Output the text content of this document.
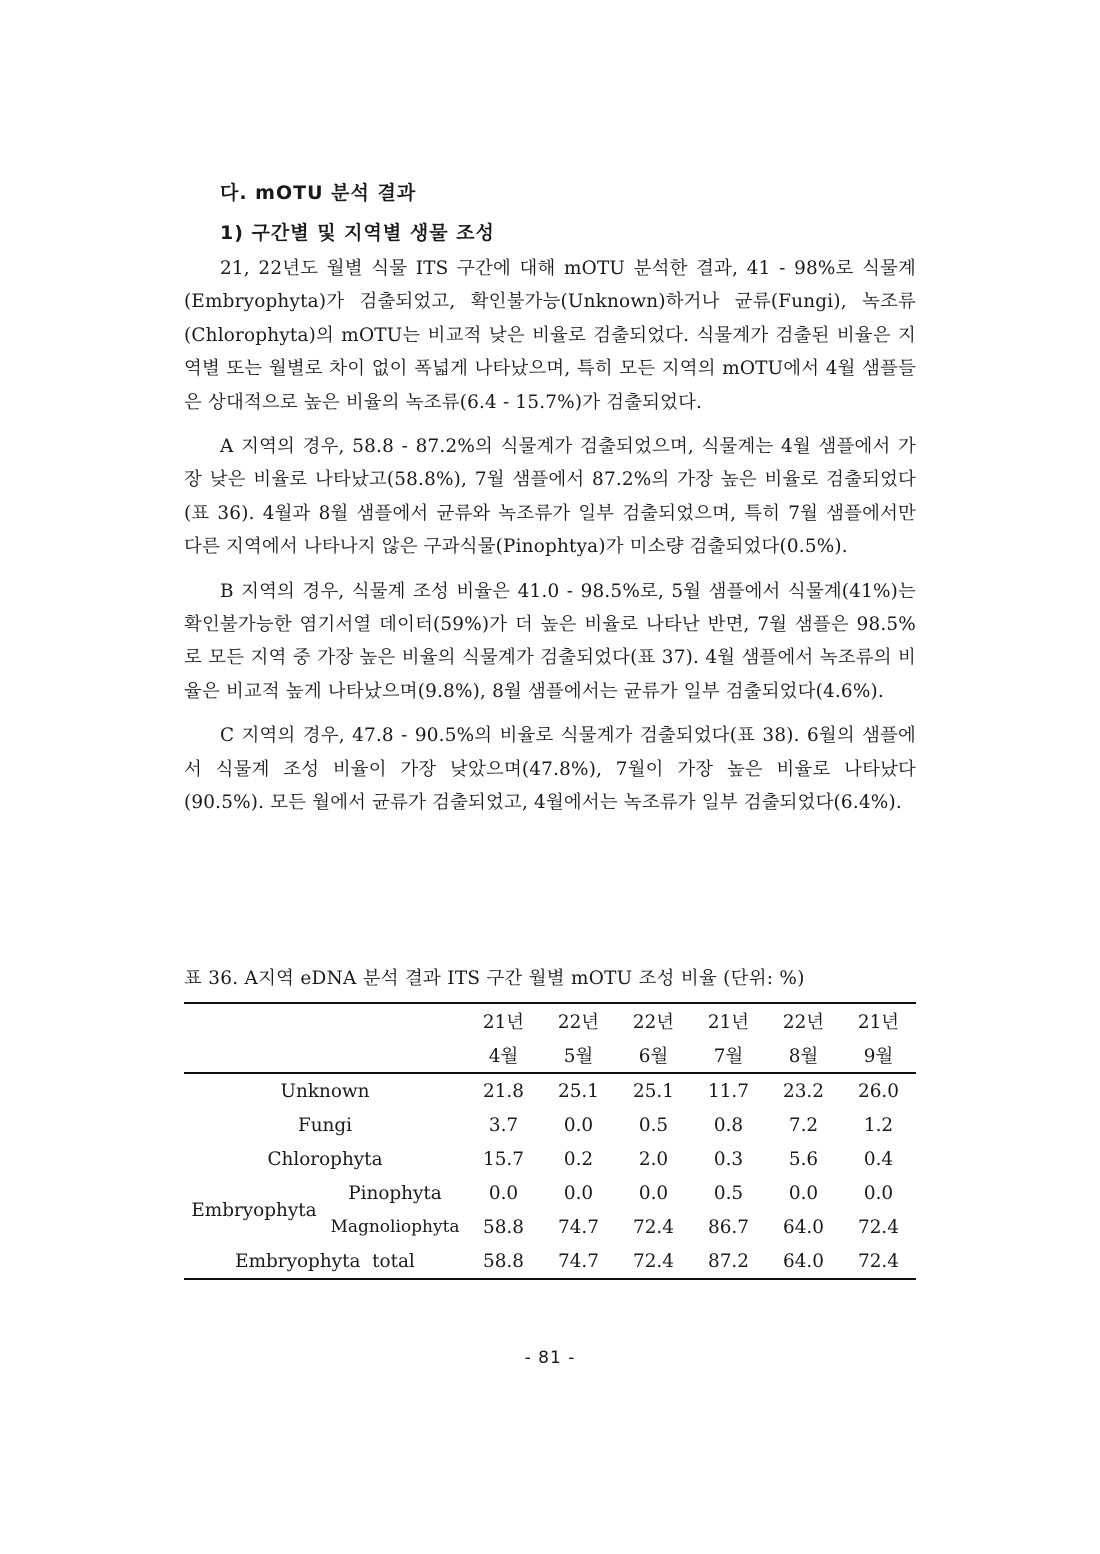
다. mOTU 분석 결과
1) 구간별 및 지역별 생물 조성

21, 22년도 월별 식물 ITS 구간에 대해 mOTU 분석한 결과, 41 - 98%로 식물계(Embryophyta)가 검출되었고, 확인불가능(Unknown)하거나 균류(Fungi), 녹조류(Chlorophyta)의 mOTU는 비교적 낮은 비율로 검출되었다. 식물계가 검출된 비율은 지역별 또는 월별로 차이 없이 폭넓게 나타났으며, 특히 모든 지역의 mOTU에서 4월 샘플들은 상대적으로 높은 비율의 녹조류(6.4 - 15.7%)가 검출되었다.

A 지역의 경우, 58.8 - 87.2%의 식물계가 검출되었으며, 식물계는 4월 샘플에서 가장 낮은 비율로 나타났고(58.8%), 7월 샘플에서 87.2%의 가장 높은 비율로 검출되었다(표 36). 4월과 8월 샘플에서 균류와 녹조류가 일부 검출되었으며, 특히 7월 샘플에서만 다른 지역에서 나타나지 않은 구과식물(Pinophtya)가 미소량 검출되었다(0.5%).

B 지역의 경우, 식물계 조성 비율은 41.0 - 98.5%로, 5월 샘플에서 식물계(41%)는 확인불가능한 염기서열 데이터(59%)가 더 높은 비율로 나타난 반면, 7월 샘플은 98.5%로 모든 지역 중 가장 높은 비율의 식물계가 검출되었다(표 37). 4월 샘플에서 녹조류의 비율은 비교적 높게 나타났으며(9.8%), 8월 샘플에서는 균류가 일부 검출되었다(4.6%).

C 지역의 경우, 47.8 - 90.5%의 비율로 식물계가 검출되었다(표 38). 6월의 샘플에서 식물계 조성 비율이 가장 낮았으며(47.8%), 7월이 가장 높은 비율로 나타났다(90.5%). 모든 월에서 균류가 검출되었고, 4월에서는 녹조류가 일부 검출되었다(6.4%).

표 36. A지역 eDNA 분석 결과 ITS 구간 월별 mOTU 조성 비율 (단위: %)
		21년	22년	22년	21년	22년	21년
		4월	5월	6월	7월	8월	9월
Unknown		21.8	25.1	25.1	11.7	23.2	26.0
Fungi		3.7	0.0	0.5	0.8	7.2	1.2
Chlorophyta		15.7	0.2	2.0	0.3	5.6	0.4
Embryophyta	Pinophyta	0.0	0.0	0.0	0.5	0.0	0.0
	Magnoliophyta	58.8	74.7	72.4	86.7	64.0	72.4
Embryophyta  total		58.8	74.7	72.4	87.2	64.0	72.4
- 81 -
